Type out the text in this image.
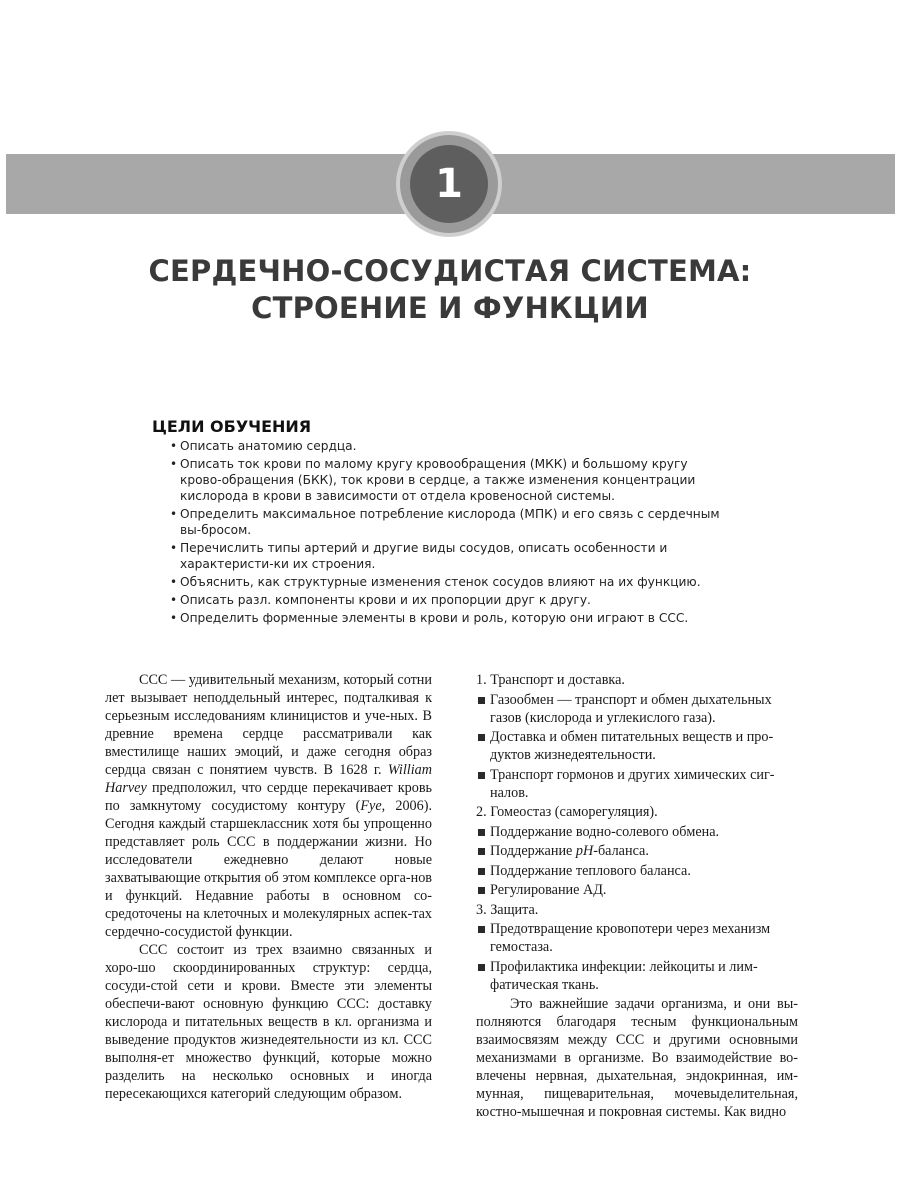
1
СЕРДЕЧНО-СОСУДИСТАЯ СИСТЕМА:
СТРОЕНИЕ И ФУНКЦИИ
ЦЕЛИ ОБУЧЕНИЯ
• Описать анатомию сердца.
• Описать ток крови по малому кругу кровообращения (МКК) и большому кругу крово-обращения (БКК), ток крови в сердце, а также изменения концентрации кислорода в крови в зависимости от отдела кровеносной системы.
• Определить максимальное потребление кислорода (МПК) и его связь с сердечным вы-бросом.
• Перечислить типы артерий и другие виды сосудов, описать особенности и характеристи-ки их строения.
• Объяснить, как структурные изменения стенок сосудов влияют на их функцию.
• Описать разл. компоненты крови и их пропорции друг к другу.
• Определить форменные элементы в крови и роль, которую они играют в ССС.

ССС — удивительный механизм, который сотни лет вызывает неподдельный интерес, подталкивая к серьезным исследованиям клиницистов и уче-ных. В древние времена сердце рассматривали как вместилище наших эмоций, и даже сегодня образ сердца связан с понятием чувств. В 1628 г. William Harvey предположил, что сердце перекачивает кровь по замкнутому сосудистому контуру (Fye, 2006). Сегодня каждый старшеклассник хотя бы упрощенно представляет роль ССС в поддержании жизни. Но исследователи ежедневно делают новые захватывающие открытия об этом комплексе орга-нов и функций. Недавние работы в основном со-средоточены на клеточных и молекулярных аспек-тах сердечно-сосудистой функции.

ССС состоит из трех взаимно связанных и хоро-шо скоординированных структур: сердца, сосуди-стой сети и крови. Вместе эти элементы обеспечи-вают основную функцию ССС: доставку кислорода и питательных веществ в кл. организма и выведение продуктов жизнедеятельности из кл. ССС выполня-ет множество функций, которые можно разделить на несколько основных и иногда пересекающихся категорий следующим образом.

1. Транспорт и доставка.
Газообмен — транспорт и обмен дыхательных газов (кислорода и углекислого газа).
Доставка и обмен питательных веществ и про-дуктов жизнедеятельности.
Транспорт гормонов и других химических сиг-налов.
2. Гомеостаз (саморегуляция).
Поддержание водно-солевого обмена.
Поддержание pH-баланса.
Поддержание теплового баланса.
Регулирование АД.
3. Защита.
Предотвращение кровопотери через механизм гемостаза.
Профилактика инфекции: лейкоциты и лим-фатическая ткань.

Это важнейшие задачи организма, и они вы-полняются благодаря тесным функциональным взаимосвязям между ССС и другими основными механизмами в организме. Во взаимодействие во-влечены нервная, дыхательная, эндокринная, им-мунная, пищеварительная, мочевыделительная, костно-мышечная и покровная системы. Как видно
